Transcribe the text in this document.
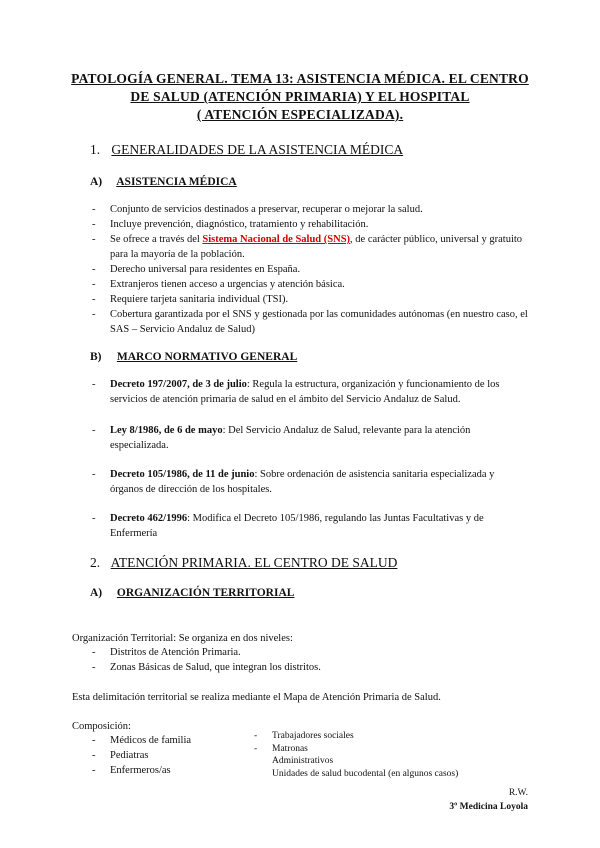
PATOLOGÍA GENERAL. TEMA 13: ASISTENCIA MÉDICA. EL CENTRO
DE SALUD (ATENCIÓN PRIMARIA) Y EL HOSPITAL
( ATENCIÓN ESPECIALIZADA).
1. GENERALIDADES DE LA ASISTENCIA MÉDICA
A) ASISTENCIA MÉDICA
- Conjunto de servicios destinados a preservar, recuperar o mejorar la salud.
- Incluye prevención, diagnóstico, tratamiento y rehabilitación.
- Se ofrece a través del Sistema Nacional de Salud (SNS), de carácter público, universal y gratuito para la mayoría de la población.
- Derecho universal para residentes en España.
- Extranjeros tienen acceso a urgencias y atención básica.
- Requiere tarjeta sanitaria individual (TSI).
- Cobertura garantizada por el SNS y gestionada por las comunidades autónomas (en nuestro caso, el SAS – Servicio Andaluz de Salud)
B) MARCO NORMATIVO GENERAL
- Decreto 197/2007, de 3 de julio: Regula la estructura, organización y funcionamiento de los servicios de atención primaria de salud en el ámbito del Servicio Andaluz de Salud.
- Ley 8/1986, de 6 de mayo: Del Servicio Andaluz de Salud, relevante para la atención especializada.
- Decreto 105/1986, de 11 de junio: Sobre ordenación de asistencia sanitaria especializada y órganos de dirección de los hospitales.
- Decreto 462/1996: Modifica el Decreto 105/1986, regulando las Juntas Facultativas y de Enfermería
2. ATENCIÓN PRIMARIA. EL CENTRO DE SALUD
A) ORGANIZACIÓN TERRITORIAL
Organización Territorial: Se organiza en dos niveles:
- Distritos de Atención Primaria.
- Zonas Básicas de Salud, que integran los distritos.
Esta delimitación territorial se realiza mediante el Mapa de Atención Primaria de Salud.
Composición:
- Médicos de familia
- Pediatras
- Enfermeros/as
- Trabajadores sociales
- Matronas
Administrativos
Unidades de salud bucodental (en algunos casos)
R.W.
3º Medicina Loyola
